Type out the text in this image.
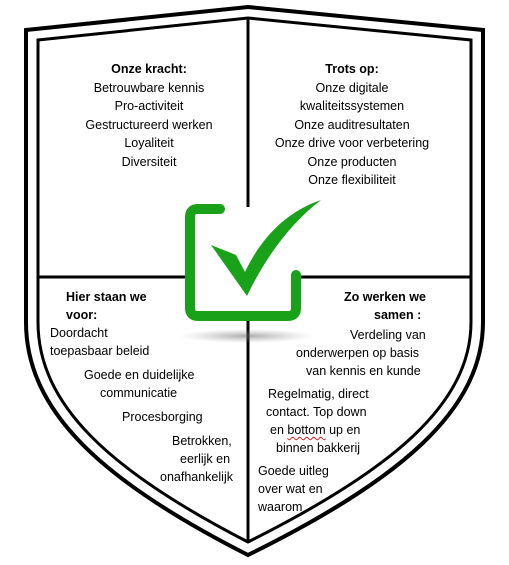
Onze kracht:
Betrouwbare kennis
Pro-activiteit
Gestructureerd werken
Loyaliteit
Diversiteit
Trots op:
Onze digitale
kwaliteitssystemen
Onze auditresultaten
Onze drive voor verbetering
Onze producten
Onze flexibiliteit
Hier staan we
voor:
Doordacht
toepasbaar beleid
Goede en duidelijke
communicatie
Procesborging
Betrokken,
eerlijk en
onafhankelijk
Zo werken we
samen :
Verdeling van
onderwerpen op basis
van kennis en kunde
Regelmatig, direct
contact. Top down
en bottom up en
binnen bakkerij
Goede uitleg
over wat en
waarom
